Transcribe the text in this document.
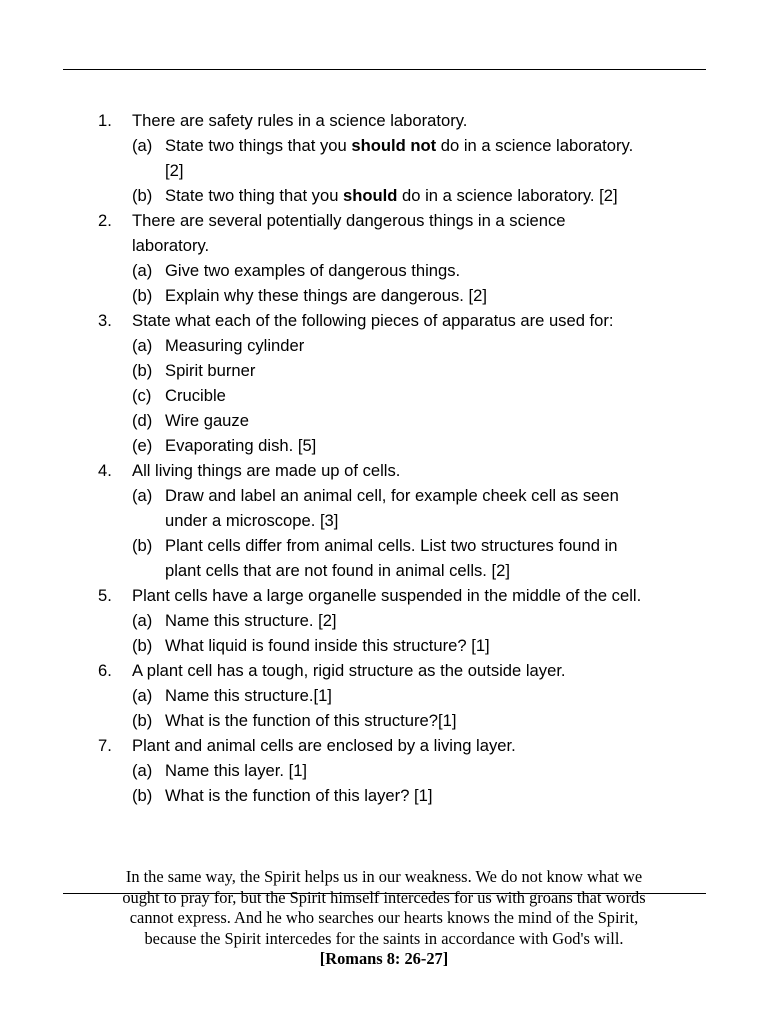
1. There are safety rules in a science laboratory.
(a) State two things that you should not do in a science laboratory.
[2]
(b) State two thing that you should do in a science laboratory. [2]
2. There are several potentially dangerous things in a science
laboratory.
(a) Give two examples of dangerous things.
(b) Explain why these things are dangerous. [2]
3. State what each of the following pieces of apparatus are used for:
(a) Measuring cylinder
(b) Spirit burner
(c) Crucible
(d) Wire gauze
(e) Evaporating dish. [5]
4. All living things are made up of cells.
(a) Draw and label an animal cell, for example cheek cell as seen
under a microscope. [3]
(b) Plant cells differ from animal cells. List two structures found in
plant cells that are not found in animal cells. [2]
5. Plant cells have a large organelle suspended in the middle of the cell.
(a) Name this structure. [2]
(b) What liquid is found inside this structure? [1]
6. A plant cell has a tough, rigid structure as the outside layer.
(a) Name this structure.[1]
(b) What is the function of this structure?[1]
7. Plant and animal cells are enclosed by a living layer.
(a) Name this layer. [1]
(b) What is the function of this layer? [1]
In the same way, the Spirit helps us in our weakness. We do not know what we
ought to pray for, but the Spirit himself intercedes for us with groans that words
cannot express. And he who searches our hearts knows the mind of the Spirit,
because the Spirit intercedes for the saints in accordance with God's will.
[Romans 8: 26-27]
